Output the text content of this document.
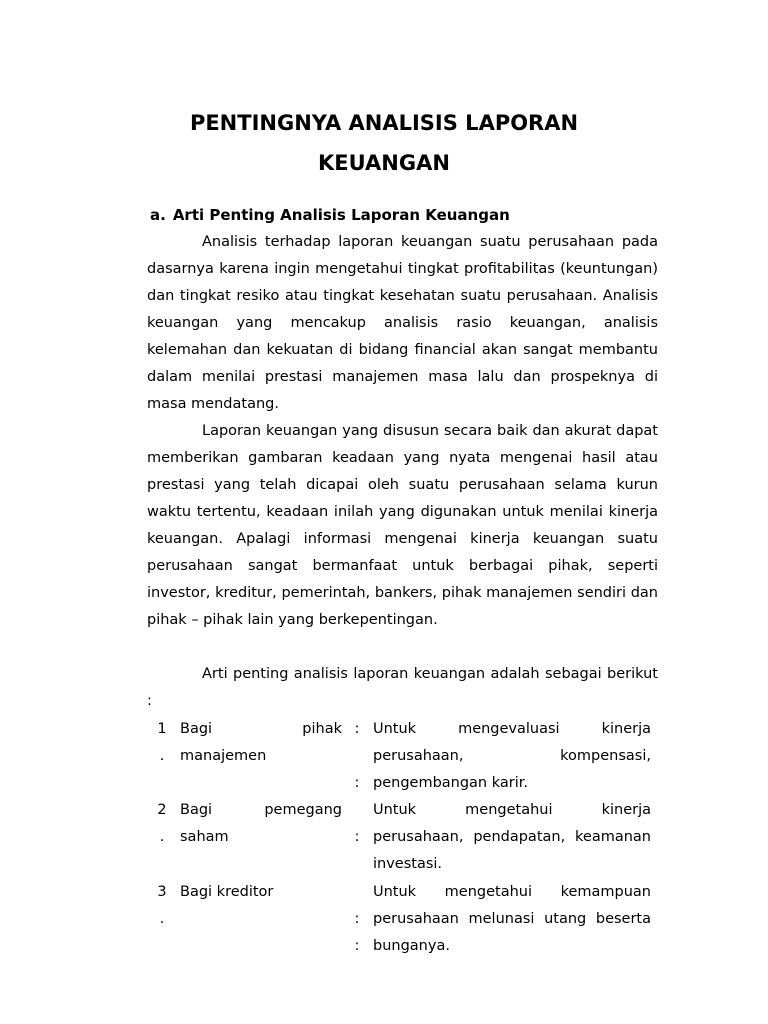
PENTINGNYA ANALISIS LAPORAN
KEUANGAN
a. Arti Penting Analisis Laporan Keuangan

Analisis terhadap laporan keuangan suatu perusahaan pada dasarnya karena ingin mengetahui tingkat profitabilitas (keuntungan) dan tingkat resiko atau tingkat kesehatan suatu perusahaan. Analisis keuangan yang mencakup analisis rasio keuangan, analisis kelemahan dan kekuatan di bidang financial akan sangat membantu dalam menilai prestasi manajemen masa lalu dan prospeknya di masa mendatang.

Laporan keuangan yang disusun secara baik dan akurat dapat memberikan gambaran keadaan yang nyata mengenai hasil atau prestasi yang telah dicapai oleh suatu perusahaan selama kurun waktu tertentu, keadaan inilah yang digunakan untuk menilai kinerja keuangan. Apalagi informasi mengenai kinerja keuangan suatu perusahaan sangat bermanfaat untuk berbagai pihak, seperti investor, kreditur, pemerintah, bankers, pihak manajemen sendiri dan pihak – pihak lain yang berkepentingan.

Arti penting analisis laporan keuangan adalah sebagai berikut :

1
.
Bagi pihak manajemen
:
:
Untuk mengevaluasi kinerja perusahaan, kompensasi, pengembangan karir.
2
.
Bagi pemegang saham	:
Untuk mengetahui kinerja perusahaan, pendapatan, keamanan investasi.
3
.
Bagi kreditor
:
:
Untuk mengetahui kemampuan perusahaan melunasi utang beserta bunganya.
